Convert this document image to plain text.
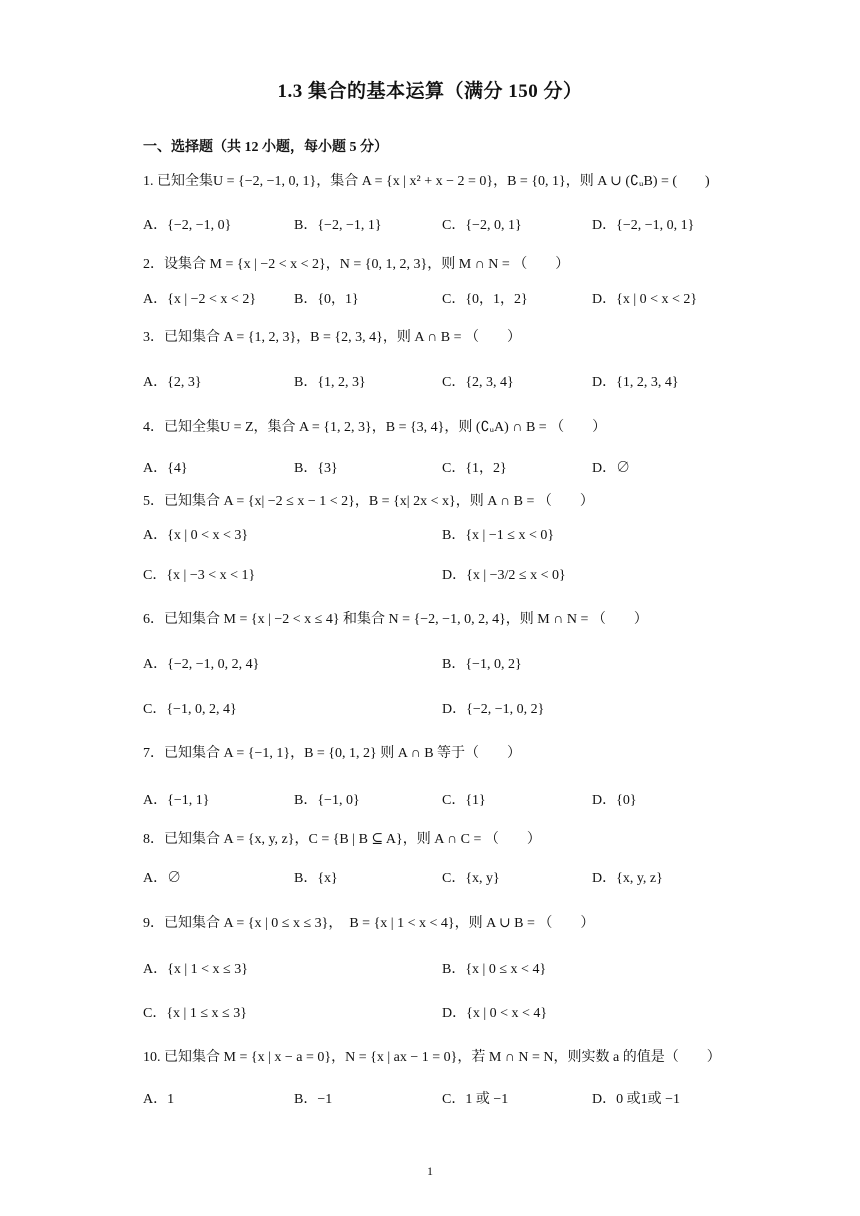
1.3 集合的基本运算（满分 150 分）
一、选择题（共 12 小题，每小题 5 分）
1. 已知全集U = {−2, −1, 0, 1}，集合 A = {x | x² + x − 2 = 0}，B = {0, 1}，则 A ∪ (∁ᵤB) = (　　)
A．{−2, −1, 0}	B．{−2, −1, 1}	C．{−2, 0, 1}	D．{−2, −1, 0, 1}
2．设集合 M = {x | −2 < x < 2}，N = {0, 1, 2, 3}，则 M ∩ N = （　　）
A．{x | −2 < x < 2}	B．{0，1}	C．{0，1，2}	D．{x | 0 < x < 2}
3．已知集合 A = {1, 2, 3}，B = {2, 3, 4}，则 A ∩ B = （　　）
A．{2, 3}	B．{1, 2, 3}	C．{2, 3, 4}	D．{1, 2, 3, 4}
4．已知全集U = Z，集合 A = {1, 2, 3}，B = {3, 4}，则 (∁ᵤA) ∩ B = （　　）
A．{4}	B．{3}	C．{1，2}	D．∅
5．已知集合 A = {x| −2 ≤ x − 1 < 2}，B = {x| 2x < x}，则 A ∩ B = （　　）
A．{x | 0 < x < 3}	B．{x | −1 ≤ x < 0}
C．{x | −3 < x < 1}	D．{x | −3/2 ≤ x < 0}
6．已知集合 M = {x | −2 < x ≤ 4} 和集合 N = {−2, −1, 0, 2, 4}，则 M ∩ N = （　　）
A．{−2, −1, 0, 2, 4}	B．{−1, 0, 2}
C．{−1, 0, 2, 4}	D．{−2, −1, 0, 2}
7．已知集合 A = {−1, 1}，B = {0, 1, 2} 则 A ∩ B 等于（　　）
A．{−1, 1}	B．{−1, 0}	C．{1}	D．{0}
8．已知集合 A = {x, y, z}，C = {B | B ⊆ A}，则 A ∩ C = （　　）
A．∅	B．{x}	C．{x, y}	D．{x, y, z}
9．已知集合 A = {x | 0 ≤ x ≤ 3}，　B = {x | 1 < x < 4}，则 A ∪ B = （　　）
A．{x | 1 < x ≤ 3}	B．{x | 0 ≤ x < 4}
C．{x | 1 ≤ x ≤ 3}	D．{x | 0 < x < 4}
10. 已知集合 M = {x | x − a = 0}，N = {x | ax − 1 = 0}，若 M ∩ N = N，则实数 a 的值是（　　）
A．1	B．−1	C．1 或 −1	D．0 或1或 −1
1
